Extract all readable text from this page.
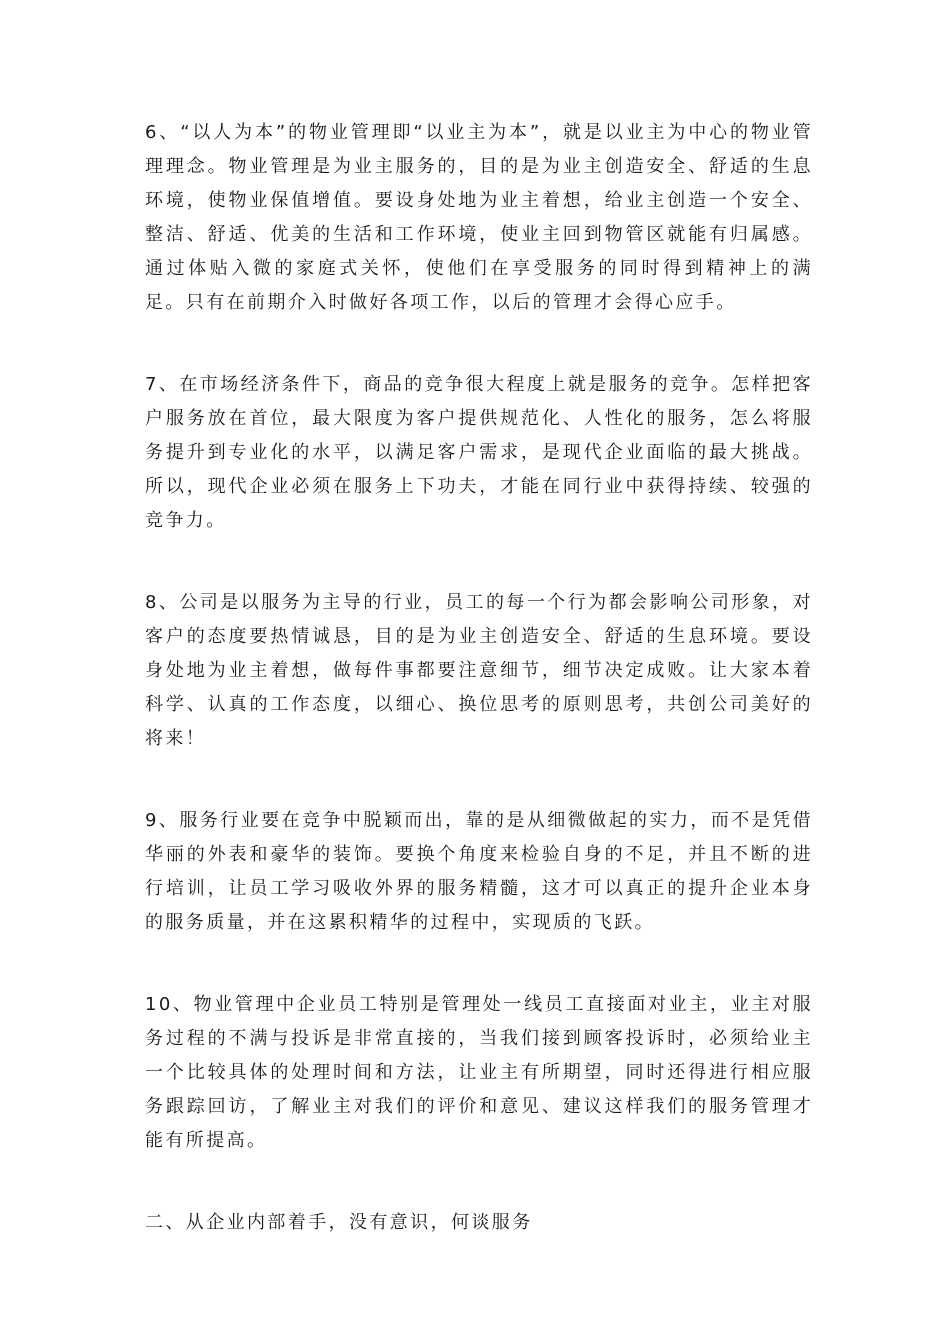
6、“以人为本”的物业管理即“以业主为本”，就是以业主为中心的物业管理理念。物业管理是为业主服务的，目的是为业主创造安全、舒适的生息环境，使物业保值增值。要设身处地为业主着想，给业主创造一个安全、整洁、舒适、优美的生活和工作环境，使业主回到物管区就能有归属感。通过体贴入微的家庭式关怀，使他们在享受服务的同时得到精神上的满足。只有在前期介入时做好各项工作，以后的管理才会得心应手。

7、在市场经济条件下，商品的竞争很大程度上就是服务的竞争。怎样把客户服务放在首位，最大限度为客户提供规范化、人性化的服务，怎么将服务提升到专业化的水平，以满足客户需求，是现代企业面临的最大挑战。所以，现代企业必须在服务上下功夫，才能在同行业中获得持续、较强的竞争力。

8、公司是以服务为主导的行业，员工的每一个行为都会影响公司形象，对客户的态度要热情诚恳，目的是为业主创造安全、舒适的生息环境。要设身处地为业主着想，做每件事都要注意细节，细节决定成败。让大家本着科学、认真的工作态度，以细心、换位思考的原则思考，共创公司美好的将来！

9、服务行业要在竞争中脱颖而出，靠的是从细微做起的实力，而不是凭借华丽的外表和豪华的装饰。要换个角度来检验自身的不足，并且不断的进行培训，让员工学习吸收外界的服务精髓，这才可以真正的提升企业本身的服务质量，并在这累积精华的过程中，实现质的飞跃。

10、物业管理中企业员工特别是管理处一线员工直接面对业主，业主对服务过程的不满与投诉是非常直接的，当我们接到顾客投诉时，必须给业主一个比较具体的处理时间和方法，让业主有所期望，同时还得进行相应服务跟踪回访，了解业主对我们的评价和意见、建议这样我们的服务管理才能有所提高。

二、从企业内部着手，没有意识，何谈服务
